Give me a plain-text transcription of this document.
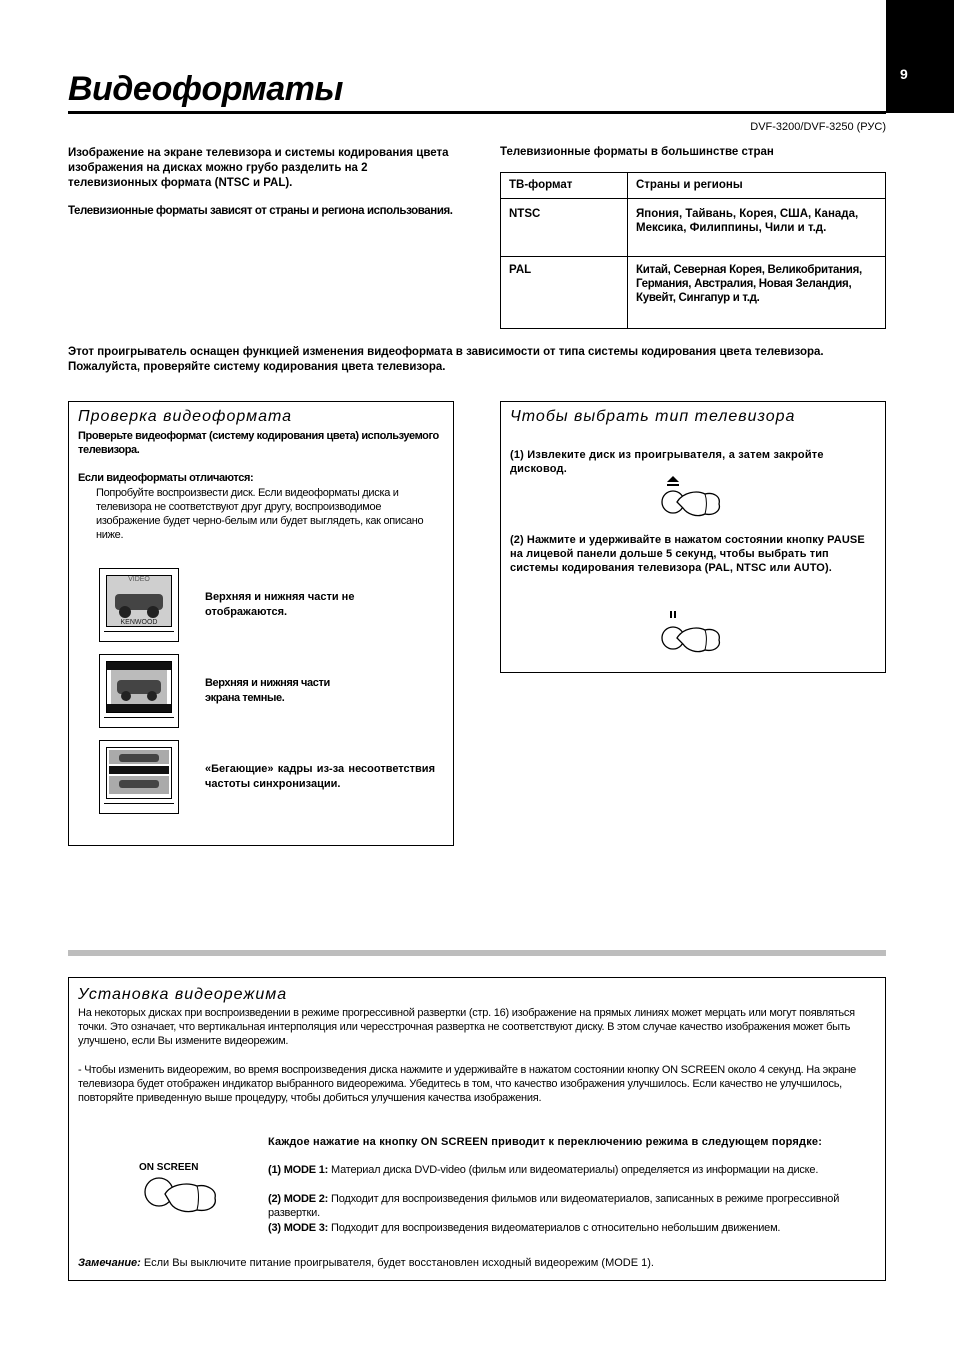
9
Видеоформаты
DVF-3200/DVF-3250 (РУС)

Изображение на экране телевизора и системы кодирования цвета изображения на дисках можно грубо разделить на 2 телевизионных формата (NTSC и PAL).

Телевизионные форматы зависят от страны и региона использования.

Телевизионные форматы в большинстве стран
ТВ-формат	Страны и регионы
NTSC	Япония, Тайвань, Корея, США, Канада, Мексика, Филиппины, Чили и т.д.
PAL	Китай, Северная Корея, Великобритания, Германия, Австралия, Новая Зеландия, Кувейт, Сингапур и т.д.
Этот проигрыватель оснащен функцией изменения видеоформата в зависимости от типа системы кодирования цвета телевизора. Пожалуйста, проверяйте систему кодирования цвета телевизора.
Проверка видеоформата
Проверьте видеоформат (систему кодирования цвета) используемого телевизора.
Если видеоформаты отличаются:
Попробуйте воспроизвести диск. Если видеоформаты диска и телевизора не соответствуют друг другу, воспроизводимое изображение будет черно-белым или будет выглядеть, как описано ниже.
VIDEO
KENWOOD
Верхняя и нижняя части не отображаются.
Верхняя и нижняя части экрана темные.
«Бегающие» кадры из-за несоответствия частоты синхронизации.
Чтобы выбрать тип телевизора
(1) Извлеките диск из проигрывателя, а затем закройте дисковод.
(2) Нажмите и удерживайте в нажатом состоянии кнопку PAUSE на лицевой панели дольше 5 секунд, чтобы выбрать тип системы кодирования телевизора (PAL, NTSC или AUTO).
Установка видеорежима
На некоторых дисках при воспроизведении в режиме прогрессивной развертки (стр. 16) изображение на прямых линиях может мерцать или могут появляться точки. Это означает, что вертикальная интерполяция или чересстрочная развертка не соответствуют диску. В этом случае качество изображения может быть улучшено, если Вы измените видеорежим.
- Чтобы изменить видеорежим, во время воспроизведения диска нажмите и удерживайте в нажатом состоянии кнопку ON SCREEN около 4 секунд. На экране телевизора будет отображен индикатор выбранного видеорежима. Убедитесь в том, что качество изображения улучшилось. Если качество не улучшилось, повторяйте приведенную выше процедуру, чтобы добиться улучшения качества изображения.
ON SCREEN
Каждое нажатие на кнопку ON SCREEN приводит к переключению режима в следующем порядке:
(1) MODE 1: Материал диска DVD-video (фильм или видеоматериалы) определяется из информации на диске.
(2) MODE 2: Подходит для воспроизведения фильмов или видеоматериалов, записанных в режиме прогрессивной развертки.
(3) MODE 3: Подходит для воспроизведения видеоматериалов с относительно небольшим движением.
Замечание: Если Вы выключите питание проигрывателя, будет восстановлен исходный видеорежим (MODE 1).
